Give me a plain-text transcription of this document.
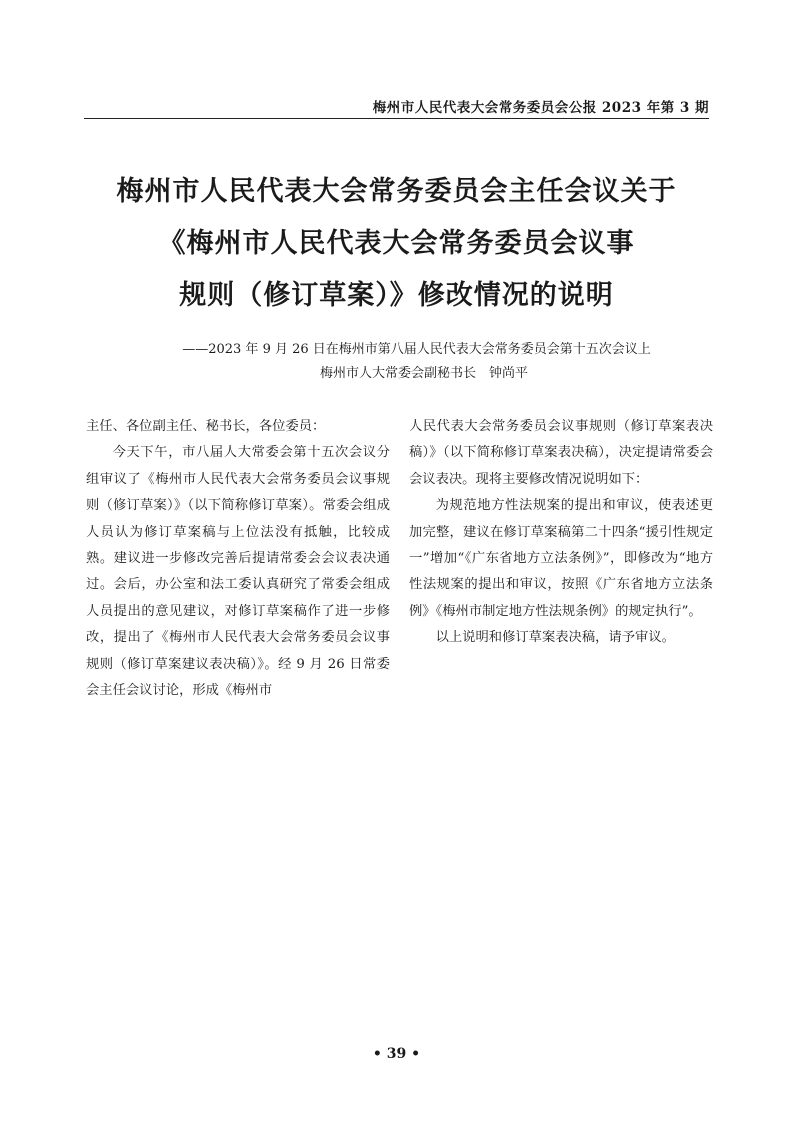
梅州市人民代表大会常务委员会公报 2023 年第 3 期
梅州市人民代表大会常务委员会主任会议关于
《梅州市人民代表大会常务委员会议事
规则（修订草案）》修改情况的说明
——2023 年 9 月 26 日在梅州市第八届人民代表大会常务委员会第十五次会议上
梅州市人大常委会副秘书长　钟尚平

主任、各位副主任、秘书长，各位委员：

今天下午，市八届人大常委会第十五次会议分组审议了《梅州市人民代表大会常务委员会议事规则（修订草案）》（以下简称修订草案）。常委会组成人员认为修订草案稿与上位法没有抵触，比较成熟。建议进一步修改完善后提请常委会会议表决通过。会后，办公室和法工委认真研究了常委会组成人员提出的意见建议，对修订草案稿作了进一步修改，提出了《梅州市人民代表大会常务委员会议事规则（修订草案建议表决稿）》。经 9 月 26 日常委会主任会议讨论，形成《梅州市

人民代表大会常务委员会议事规则（修订草案表决稿）》（以下简称修订草案表决稿），决定提请常委会会议表决。现将主要修改情况说明如下：

为规范地方性法规案的提出和审议，使表述更加完整，建议在修订草案稿第二十四条“援引性规定一”增加“《广东省地方立法条例》”，即修改为“地方性法规案的提出和审议，按照《广东省地方立法条例》《梅州市制定地方性法规条例》的规定执行”。

以上说明和修订草案表决稿，请予审议。

• 39 •
